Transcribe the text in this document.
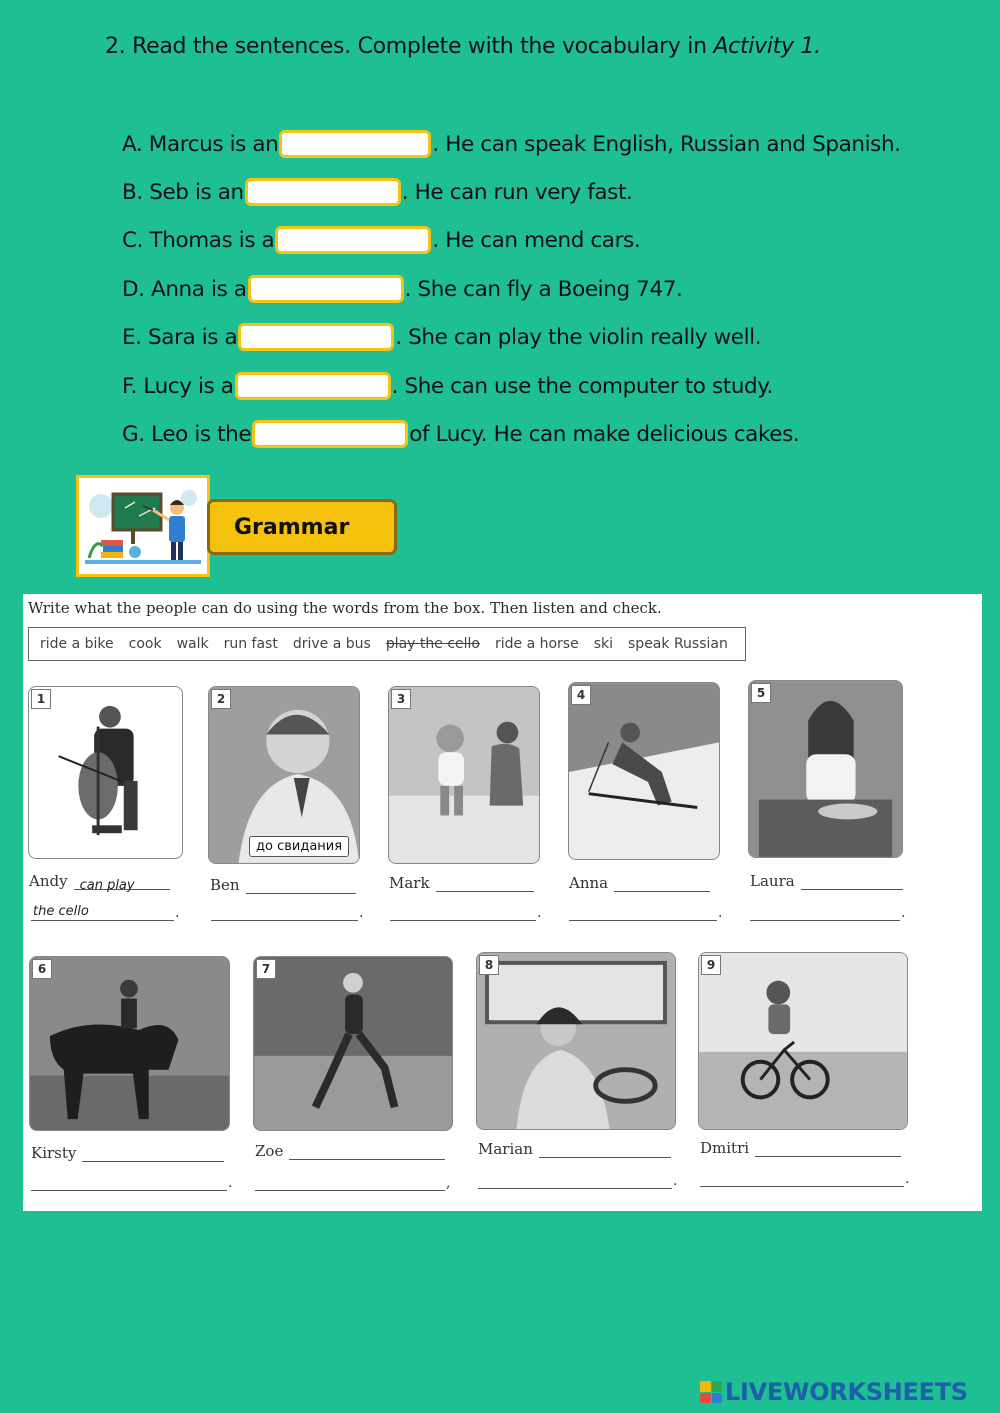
2. Read the sentences. Complete with the vocabulary in Activity 1.
A. Marcus is an	. He can speak English, Russian and Spanish.
B. Seb is an	. He can run very fast.
C. Thomas is a	. He can mend cars.
D. Anna is a	. She can fly a Boeing 747.
E. Sara is a	. She can play the violin really well.
F. Lucy is a	. She can use the computer to study.
G. Leo is the	of Lucy. He can make delicious cakes.
Grammar
Write what the people can do using the words from the box. Then listen and check.
ride a bike cook walk run fast drive a bus play the cello ride a horse ski speak Russian
1	2
до свидания
3	4	5
Andy can play
the cello	.
Ben
.
Mark
.
Anna
.
Laura
.
6	7	8	9
Kirsty
.
Zoe
,
Marian
.
Dmitri
.
LIVEWORKSHEETS
